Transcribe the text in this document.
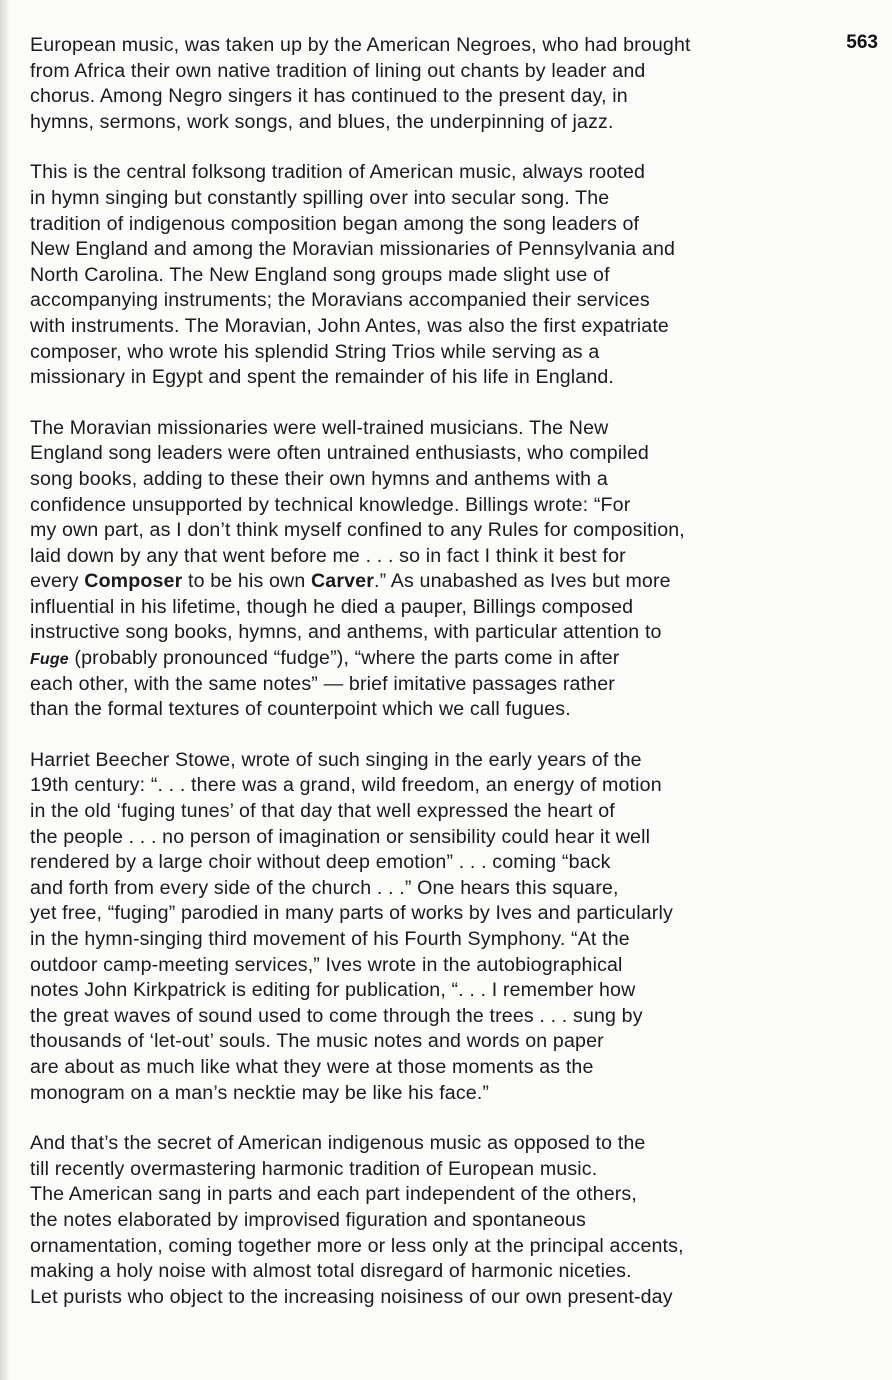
563
European music, was taken up by the American Negroes, who had brought
from Africa their own native tradition of lining out chants by leader and
chorus. Among Negro singers it has continued to the present day, in
hymns, sermons, work songs, and blues, the underpinning of jazz.
This is the central folksong tradition of American music, always rooted
in hymn singing but constantly spilling over into secular song. The
tradition of indigenous composition began among the song leaders of
New England and among the Moravian missionaries of Pennsylvania and
North Carolina. The New England song groups made slight use of
accompanying instruments; the Moravians accompanied their services
with instruments. The Moravian, John Antes, was also the first expatriate
composer, who wrote his splendid String Trios while serving as a
missionary in Egypt and spent the remainder of his life in England.
The Moravian missionaries were well-trained musicians. The New
England song leaders were often untrained enthusiasts, who compiled
song books, adding to these their own hymns and anthems with a
confidence unsupported by technical knowledge. Billings wrote: “For
my own part, as I don’t think myself confined to any Rules for composition,
laid down by any that went before me . . . so in fact I think it best for
every Composer to be his own Carver.” As unabashed as Ives but more
influential in his lifetime, though he died a pauper, Billings composed
instructive song books, hymns, and anthems, with particular attention to
Fuge (probably pronounced “fudge”), “where the parts come in after
each other, with the same notes” — brief imitative passages rather
than the formal textures of counterpoint which we call fugues.
Harriet Beecher Stowe, wrote of such singing in the early years of the
19th century: “. . . there was a grand, wild freedom, an energy of motion
in the old ‘fuging tunes’ of that day that well expressed the heart of
the people . . . no person of imagination or sensibility could hear it well
rendered by a large choir without deep emotion” . . . coming “back
and forth from every side of the church . . .” One hears this square,
yet free, “fuging” parodied in many parts of works by Ives and particularly
in the hymn-singing third movement of his Fourth Symphony. “At the
outdoor camp-meeting services,” Ives wrote in the autobiographical
notes John Kirkpatrick is editing for publication, “. . . I remember how
the great waves of sound used to come through the trees . . . sung by
thousands of ‘let-out’ souls. The music notes and words on paper
are about as much like what they were at those moments as the
monogram on a man’s necktie may be like his face.”
And that’s the secret of American indigenous music as opposed to the
till recently overmastering harmonic tradition of European music.
The American sang in parts and each part independent of the others,
the notes elaborated by improvised figuration and spontaneous
ornamentation, coming together more or less only at the principal accents,
making a holy noise with almost total disregard of harmonic niceties.
Let purists who object to the increasing noisiness of our own present-day
